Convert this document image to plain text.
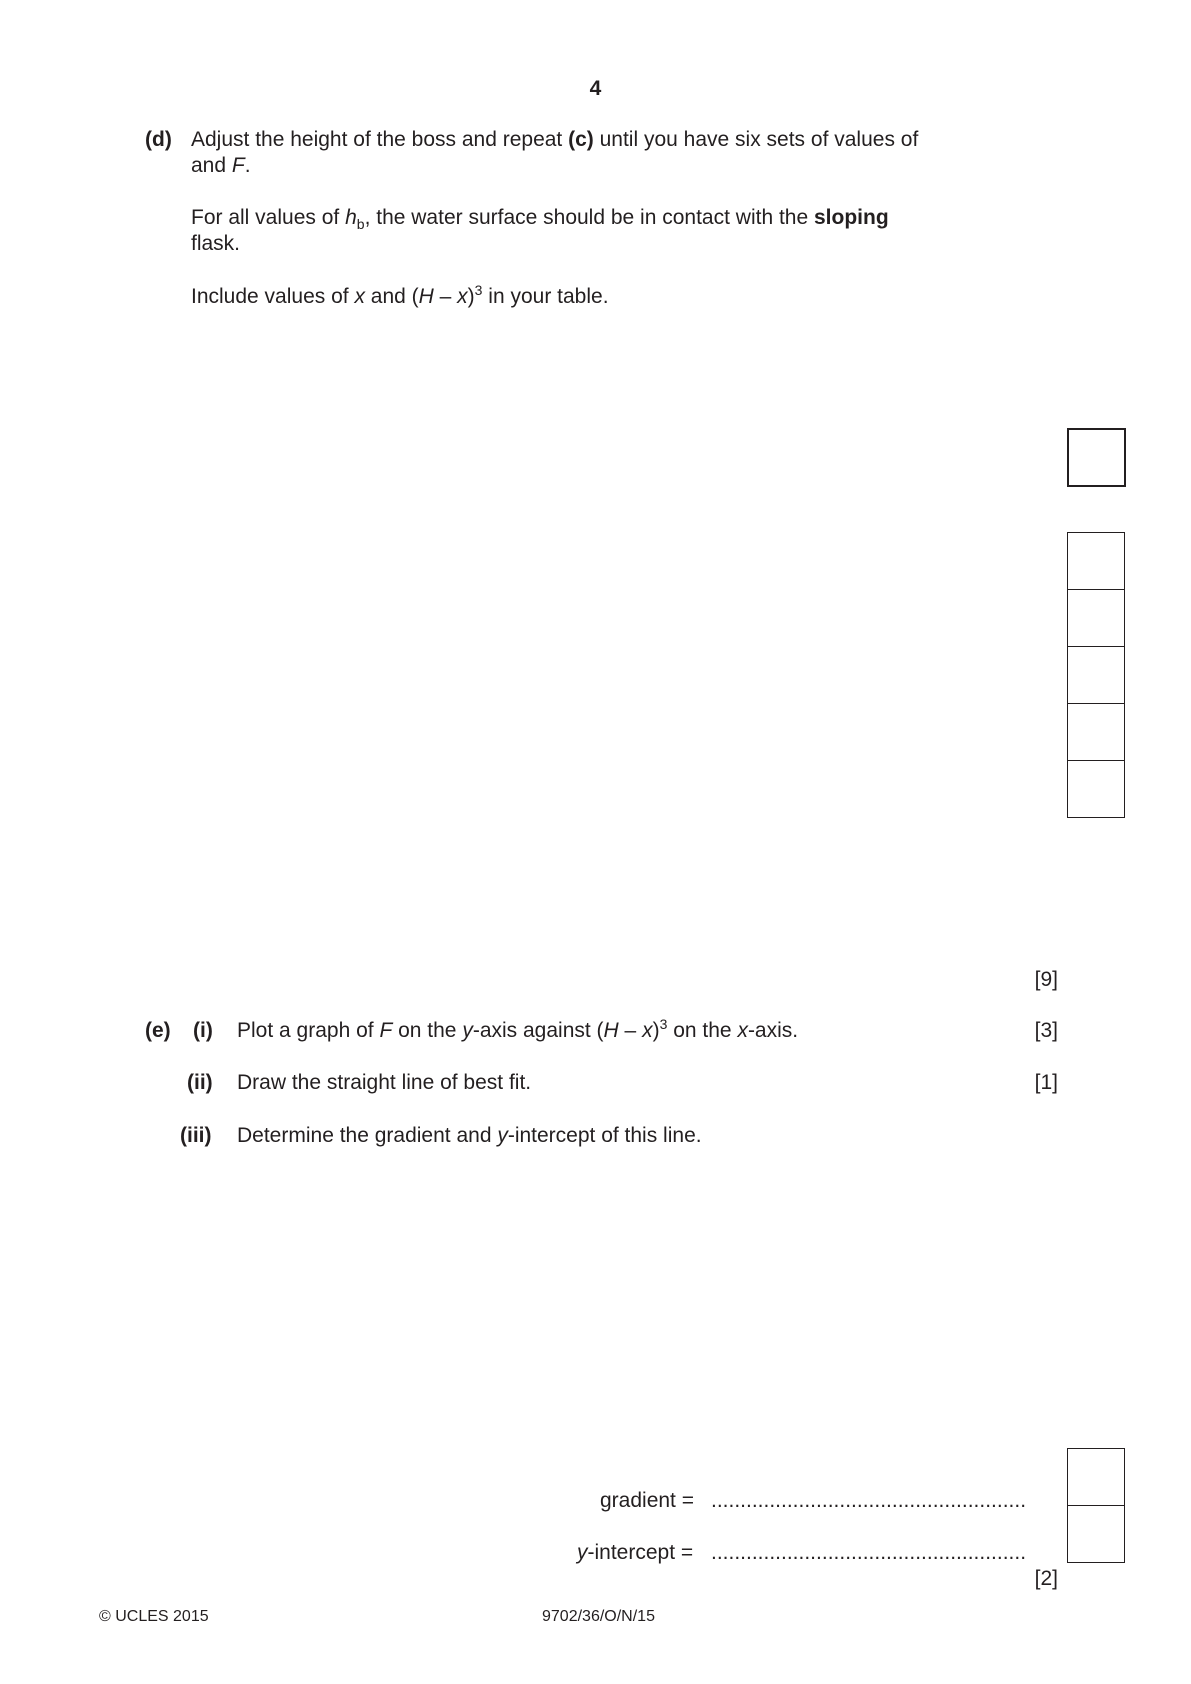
4
(d) Adjust the height of the boss and repeat (c) until you have six sets of values of
and F.
For all values of $h_b$, the water surface should be in contact with the sloping
flask.
Include values of x and (H – x)$^3$ in your table.
[9]
(e) (i) Plot a graph of F on the y-axis against (H – x)$^3$ on the x-axis.	[3]
(ii) Draw the straight line of best fit.	[1]
(iii) Determine the gradient and y-intercept of this line.
gradient = ......................................................
y-intercept = ......................................................
[2]
© UCLES 2015	9702/36/O/N/15
